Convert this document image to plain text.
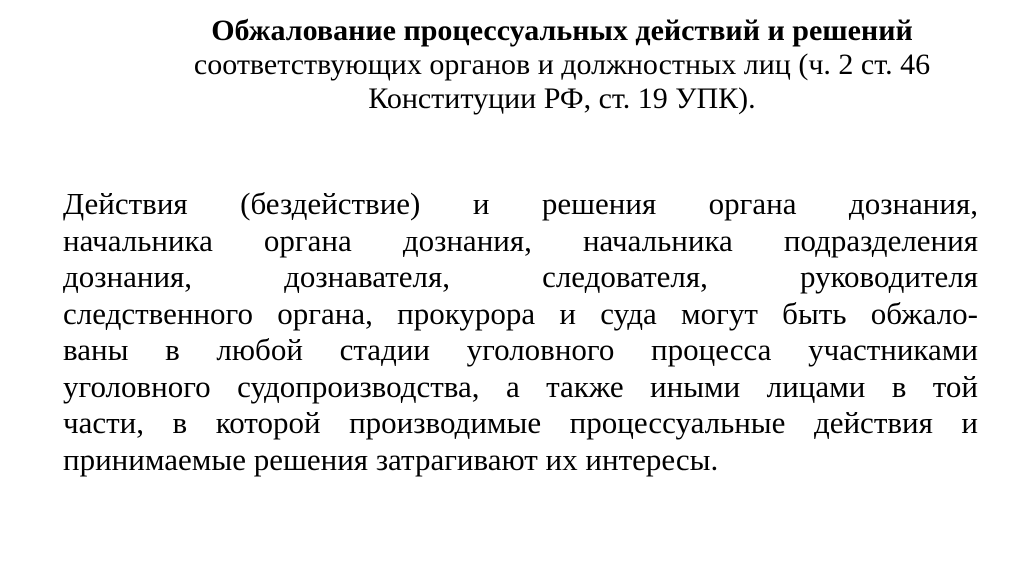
Обжалование процессуальных действий и решений
соответствующих органов и должностных лиц (ч. 2 ст. 46
Конституции РФ, ст. 19 УПК).
Действия (бездействие) и решения органа дознания,
начальника органа дознания, начальника подразделения
дознания, дознавателя, следователя, руководителя
следственного органа, прокурора и суда могут быть обжало-
ваны в любой стадии уголовного процесса участниками
уголовного судопроизводства, а также иными лицами в той
части, в которой производимые процессуальные действия и
принимаемые решения затрагивают их интересы.
